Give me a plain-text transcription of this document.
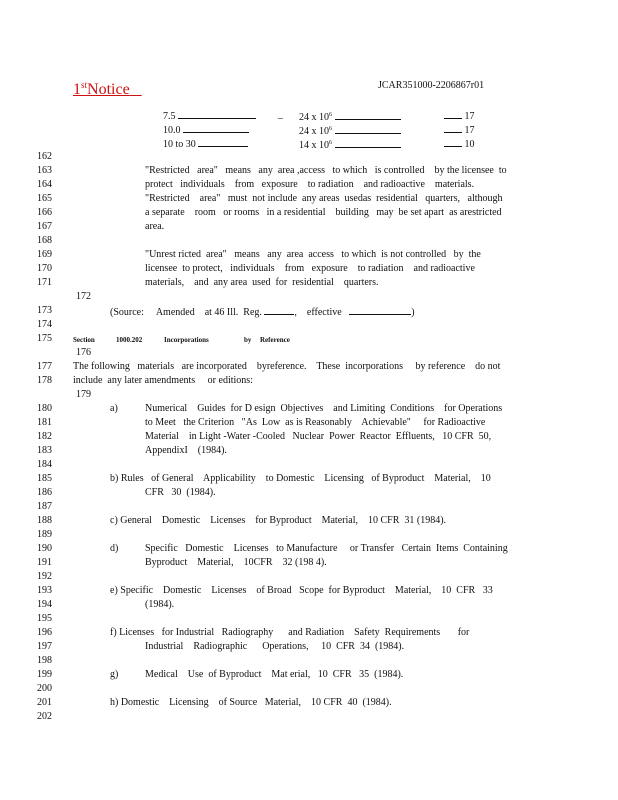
1stNotice	JCAR351000-2206867r01
7.5	_ 24 x $10^6$	17
10.0	24 x $10^6$	17
10 to 30	14 x $10^6$	10
162
163
164
165
166
167
168
169
170
171
172
173
174
175
176
177
178
179
180
181
182
183
184
185
186
187
188
189
190
191
192
193
194
195
196
197
198
199
200
201
202
"Restricted   area"   means   any  area ,access   to which   is controlled    by the licensee  to
protect   individuals    from   exposure    to radiation    and radioactive    materials.
"Restricted    area"   must  not include  any areas  usedas  residential   quarters,   although
a separate    room   or rooms   in a residential    building   may  be set apart  as arestricted
area.
"Unrest ricted  area"   means   any  area  access   to which  is not controlled   by  the
licensee  to protect,   individuals    from   exposure    to radiation    and radioactive
materials,    and  any area  used  for  residential    quarters.
(Source:     Amended    at 46 Ill.  Reg.	,    effective	)
Section	1000.202	Incorporations	by Reference
The following   materials   are incorporated    byreference.    These  incorporations     by reference    do not
include  any later amendments     or editions:
a)	Numerical    Guides  for D esign  Objectives    and Limiting  Conditions    for Operations
to Meet   the Criterion   "As  Low  as is Reasonably    Achievable"     for Radioactive
Material    in Light -Water -Cooled   Nuclear  Power  Reactor  Effluents,   10 CFR  50,
AppendixI    (1984).
b) Rules   of General    Applicability    to Domestic    Licensing   of Byproduct    Material,    10
CFR   30  (1984).
c) General    Domestic    Licenses    for Byproduct    Material,    10 CFR  31 (1984).
d)	Specific   Domestic    Licenses   to Manufacture     or Transfer   Certain  Items  Containing
Byproduct    Material,    10CFR    32 (198 4).
e) Specific    Domestic    Licenses    of Broad   Scope  for Byproduct    Material,    10  CFR   33
(1984).
f) Licenses   for Industrial   Radiography      and Radiation    Safety  Requirements       for
Industrial    Radiographic      Operations,     10  CFR  34  (1984).
g)	Medical    Use  of Byproduct    Mat erial,   10  CFR   35  (1984).
h) Domestic    Licensing    of Source   Material,    10 CFR  40  (1984).
